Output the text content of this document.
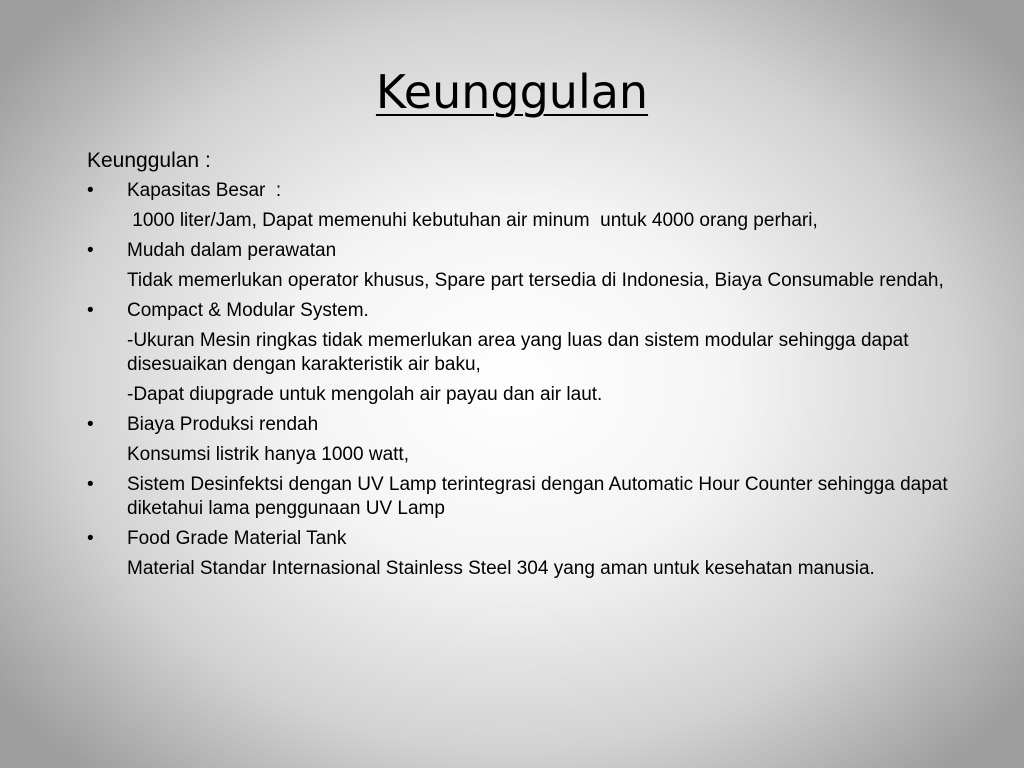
Keunggulan
Keunggulan :
• Kapasitas Besar  :
1000 liter/Jam, Dapat memenuhi kebutuhan air minum  untuk 4000 orang perhari,
• Mudah dalam perawatan
Tidak memerlukan operator khusus, Spare part tersedia di Indonesia, Biaya Consumable rendah,
• Compact & Modular System.
-Ukuran Mesin ringkas tidak memerlukan area yang luas dan sistem modular sehingga dapat disesuaikan dengan karakteristik air baku,
-Dapat diupgrade untuk mengolah air payau dan air laut.
• Biaya Produksi rendah
Konsumsi listrik hanya 1000 watt,
• Sistem Desinfektsi dengan UV Lamp terintegrasi dengan Automatic Hour Counter sehingga dapat diketahui lama penggunaan UV Lamp
• Food Grade Material Tank
Material Standar Internasional Stainless Steel 304 yang aman untuk kesehatan manusia.
